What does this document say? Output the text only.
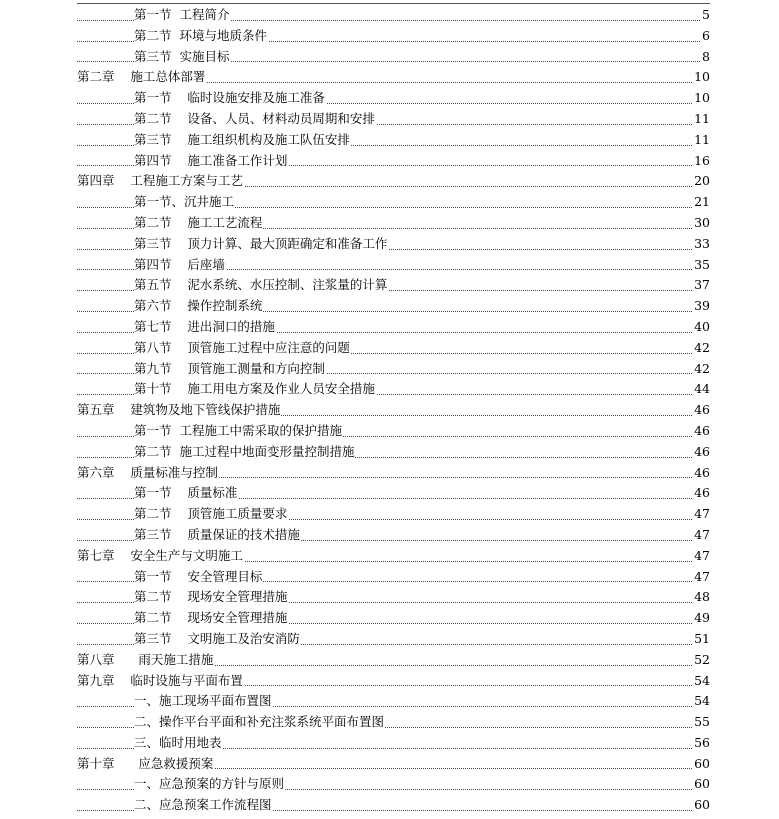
第一节  工程简介	5
第二节  环境与地质条件	6
第三节  实施目标	8
第二章    施工总体部署	10
第一节    临时设施安排及施工准备	10
第二节    设备、人员、材料动员周期和安排	11
第三节    施工组织机构及施工队伍安排	11
第四节    施工准备工作计划	16
第四章    工程施工方案与工艺	20
第一节、沉井施工	21
第二节    施工工艺流程	30
第三节    顶力计算、最大顶距确定和准备工作	33
第四节    后座墙	35
第五节    泥水系统、水压控制、注浆量的计算	37
第六节    操作控制系统	39
第七节    进出洞口的措施	40
第八节    顶管施工过程中应注意的问题	42
第九节    顶管施工测量和方向控制	42
第十节    施工用电方案及作业人员安全措施	44
第五章    建筑物及地下管线保护措施	46
第一节  工程施工中需采取的保护措施	46
第二节  施工过程中地面变形量控制措施	46
第六章    质量标准与控制	46
第一节    质量标准	46
第二节    顶管施工质量要求	47
第三节    质量保证的技术措施	47
第七章    安全生产与文明施工	47
第一节    安全管理目标	47
第二节    现场安全管理措施	48
第二节    现场安全管理措施	49
第三节    文明施工及治安消防	51
第八章      雨天施工措施	52
第九章    临时设施与平面布置	54
一、施工现场平面布置图	54
二、操作平台平面和补充注浆系统平面布置图	55
三、临时用地表	56
第十章      应急救援预案	60
一、应急预案的方针与原则	60
二、应急预案工作流程图	60
